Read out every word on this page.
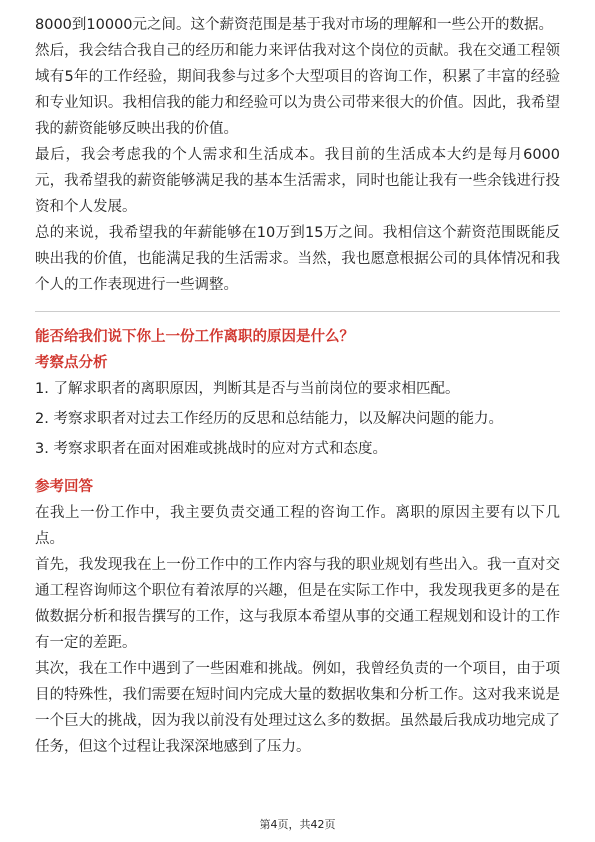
8000到10000元之间。这个薪资范围是基于我对市场的理解和一些公开的数据。

然后，我会结合我自己的经历和能力来评估我对这个岗位的贡献。我在交通工程领域有5年的工作经验，期间我参与过多个大型项目的咨询工作，积累了丰富的经验和专业知识。我相信我的能力和经验可以为贵公司带来很大的价值。因此，我希望我的薪资能够反映出我的价值。

最后，我会考虑我的个人需求和生活成本。我目前的生活成本大约是每月6000元，我希望我的薪资能够满足我的基本生活需求，同时也能让我有一些余钱进行投资和个人发展。

总的来说，我希望我的年薪能够在10万到15万之间。我相信这个薪资范围既能反映出我的价值，也能满足我的生活需求。当然，我也愿意根据公司的具体情况和我个人的工作表现进行一些调整。

能否给我们说下你上一份工作离职的原因是什么？

考察点分析

1. 了解求职者的离职原因，判断其是否与当前岗位的要求相匹配。

2. 考察求职者对过去工作经历的反思和总结能力，以及解决问题的能力。

3. 考察求职者在面对困难或挑战时的应对方式和态度。

参考回答

在我上一份工作中，我主要负责交通工程的咨询工作。离职的原因主要有以下几点。

首先，我发现我在上一份工作中的工作内容与我的职业规划有些出入。我一直对交通工程咨询师这个职位有着浓厚的兴趣，但是在实际工作中，我发现我更多的是在做数据分析和报告撰写的工作，这与我原本希望从事的交通工程规划和设计的工作有一定的差距。

其次，我在工作中遇到了一些困难和挑战。例如，我曾经负责的一个项目，由于项目的特殊性，我们需要在短时间内完成大量的数据收集和分析工作。这对我来说是一个巨大的挑战，因为我以前没有处理过这么多的数据。虽然最后我成功地完成了任务，但这个过程让我深深地感到了压力。

第4页，共42页
